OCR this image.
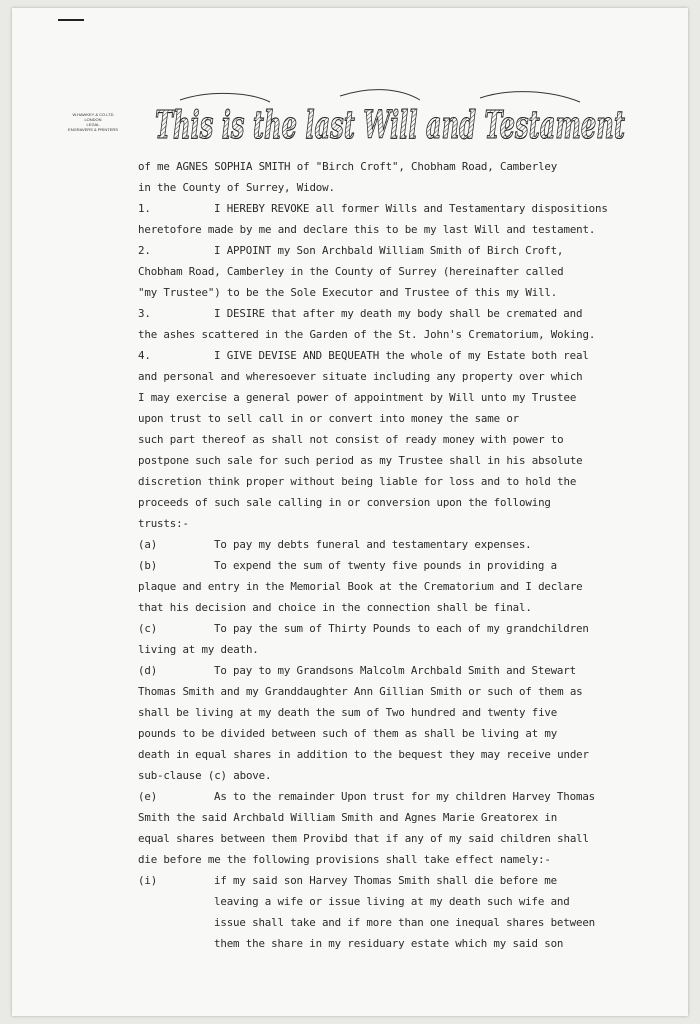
W.HAWKEY & CO.LTD
LONDON
LEGAL
ENGRAVERS & PRINTERS This is the last Will and Testament
of me AGNES SOPHIA SMITH of "Birch Croft", Chobham Road, Camberley
in the County of Surrey, Widow.
1.	I HEREBY REVOKE all former Wills and Testamentary dispositions
heretofore made by me and declare this to be my last Will and testament.
2.	I APPOINT my Son Archbald William Smith of Birch Croft,
Chobham Road, Camberley in the County of Surrey (hereinafter called
"my Trustee") to be the Sole Executor and Trustee of this my Will.
3.	I DESIRE that after my death my body shall be cremated and
the ashes scattered in the Garden of the St. John's Crematorium, Woking.
4.	I GIVE DEVISE AND BEQUEATH the whole of my Estate both real
and personal and wheresoever situate including any property over which
I may exercise a general power of appointment by Will unto my Trustee
upon trust to sell call in or convert into money the same or
such part thereof as shall not consist of ready money with power to
postpone such sale for such period as my Trustee shall in his absolute
discretion think proper without being liable for loss and to hold the
proceeds of such sale calling in or conversion upon the following
trusts:-
(a)	To pay my debts funeral and testamentary expenses.
(b)	To expend the sum of twenty five pounds in providing a
plaque and entry in the Memorial Book at the Crematorium and I declare
that his decision and choice in the connection shall be final.
(c)	To pay the sum of Thirty Pounds to each of my grandchildren
living at my death.
(d)	To pay to my Grandsons Malcolm Archbald Smith and Stewart
Thomas Smith and my Granddaughter Ann Gillian Smith or such of them as
shall be living at my death the sum of Two hundred and twenty five
pounds to be divided between such of them as shall be living at my
death in equal shares in addition to the bequest they may receive under
sub-clause (c) above.
(e)	As to the remainder Upon trust for my children Harvey Thomas
Smith the said Archbald William Smith and Agnes Marie Greatorex in
equal shares between them Provibd that if any of my said children shall
die before me the following provisions shall take effect namely:-
(i)	if my said son Harvey Thomas Smith shall die before me
leaving a wife or issue living at my death such wife and
issue shall take and if more than one inequal shares between
them the share in my residuary estate which my said son
